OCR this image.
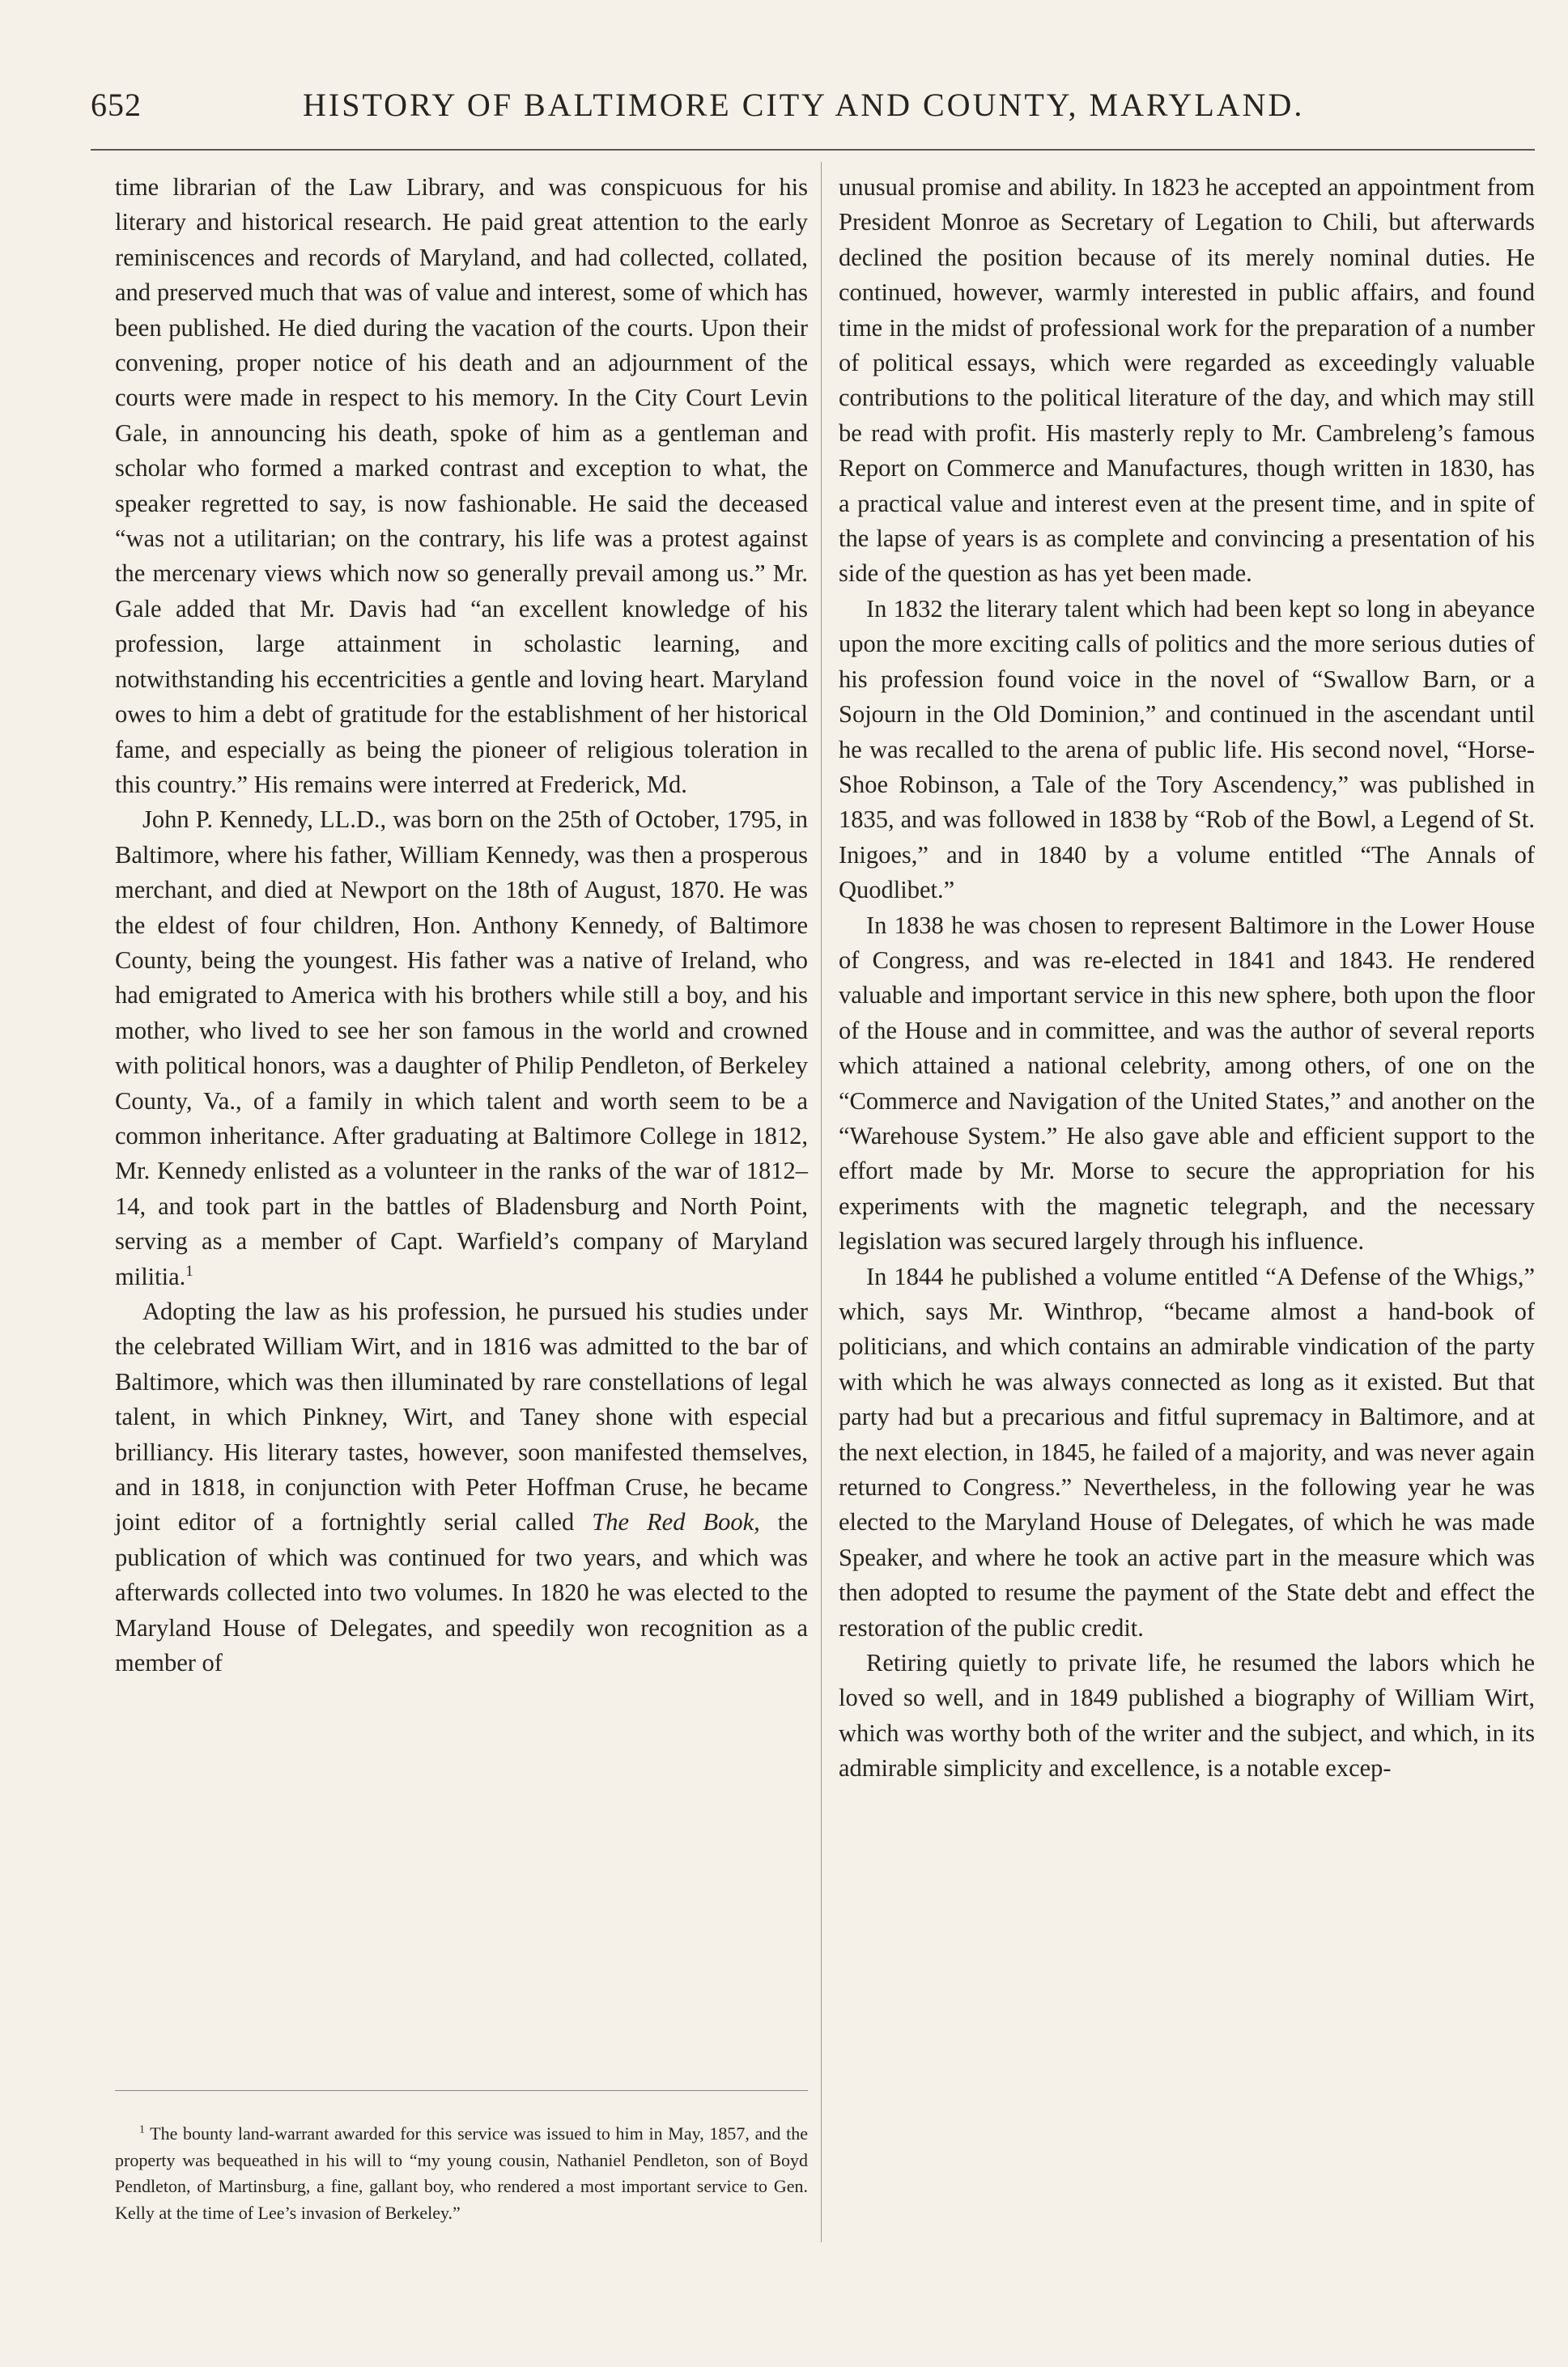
652	HISTORY OF BALTIMORE CITY AND COUNTY, MARYLAND.

time librarian of the Law Library, and was conspicuous for his literary and historical research. He paid great attention to the early reminiscences and records of Maryland, and had collected, collated, and preserved much that was of value and interest, some of which has been published. He died during the vacation of the courts. Upon their convening, proper notice of his death and an adjournment of the courts were made in respect to his memory. In the City Court Levin Gale, in announcing his death, spoke of him as a gentleman and scholar who formed a marked contrast and exception to what, the speaker regretted to say, is now fashionable. He said the deceased “was not a utilitarian; on the contrary, his life was a protest against the mercenary views which now so generally prevail among us.” Mr. Gale added that Mr. Davis had “an excellent knowledge of his profession, large attainment in scholastic learning, and notwithstanding his eccentricities a gentle and loving heart. Maryland owes to him a debt of gratitude for the establishment of her historical fame, and especially as being the pioneer of religious toleration in this country.” His remains were interred at Frederick, Md.

John P. Kennedy, LL.D., was born on the 25th of October, 1795, in Baltimore, where his father, William Kennedy, was then a prosperous merchant, and died at Newport on the 18th of August, 1870. He was the eldest of four children, Hon. Anthony Kennedy, of Baltimore County, being the youngest. His father was a native of Ireland, who had emigrated to America with his brothers while still a boy, and his mother, who lived to see her son famous in the world and crowned with political honors, was a daughter of Philip Pendleton, of Berkeley County, Va., of a family in which talent and worth seem to be a common inheritance. After graduating at Baltimore College in 1812, Mr. Kennedy enlisted as a volunteer in the ranks of the war of 1812–14, and took part in the battles of Bladensburg and North Point, serving as a member of Capt. Warfield’s company of Maryland militia.$^1$

Adopting the law as his profession, he pursued his studies under the celebrated William Wirt, and in 1816 was admitted to the bar of Baltimore, which was then illuminated by rare constellations of legal talent, in which Pinkney, Wirt, and Taney shone with especial brilliancy. His literary tastes, however, soon manifested themselves, and in 1818, in conjunction with Peter Hoffman Cruse, he became joint editor of a fortnightly serial called The Red Book, the publication of which was continued for two years, and which was afterwards collected into two volumes. In 1820 he was elected to the Maryland House of Delegates, and speedily won recognition as a member of

$^1$ The bounty land-warrant awarded for this service was issued to him in May, 1857, and the property was bequeathed in his will to “my young cousin, Nathaniel Pendleton, son of Boyd Pendleton, of Martinsburg, a fine, gallant boy, who rendered a most important service to Gen. Kelly at the time of Lee’s invasion of Berkeley.”

unusual promise and ability. In 1823 he accepted an appointment from President Monroe as Secretary of Legation to Chili, but afterwards declined the position because of its merely nominal duties. He continued, however, warmly interested in public affairs, and found time in the midst of professional work for the preparation of a number of political essays, which were regarded as exceedingly valuable contributions to the political literature of the day, and which may still be read with profit. His masterly reply to Mr. Cambreleng’s famous Report on Commerce and Manufactures, though written in 1830, has a practical value and interest even at the present time, and in spite of the lapse of years is as complete and convincing a presentation of his side of the question as has yet been made.

In 1832 the literary talent which had been kept so long in abeyance upon the more exciting calls of politics and the more serious duties of his profession found voice in the novel of “Swallow Barn, or a Sojourn in the Old Dominion,” and continued in the ascendant until he was recalled to the arena of public life. His second novel, “Horse-Shoe Robinson, a Tale of the Tory Ascendency,” was published in 1835, and was followed in 1838 by “Rob of the Bowl, a Legend of St. Inigoes,” and in 1840 by a volume entitled “The Annals of Quodlibet.”

In 1838 he was chosen to represent Baltimore in the Lower House of Congress, and was re-elected in 1841 and 1843. He rendered valuable and important service in this new sphere, both upon the floor of the House and in committee, and was the author of several reports which attained a national celebrity, among others, of one on the “Commerce and Navigation of the United States,” and another on the “Warehouse System.” He also gave able and efficient support to the effort made by Mr. Morse to secure the appropriation for his experiments with the magnetic telegraph, and the necessary legislation was secured largely through his influence.

In 1844 he published a volume entitled “A Defense of the Whigs,” which, says Mr. Winthrop, “became almost a hand-book of politicians, and which contains an admirable vindication of the party with which he was always connected as long as it existed. But that party had but a precarious and fitful supremacy in Baltimore, and at the next election, in 1845, he failed of a majority, and was never again returned to Congress.” Nevertheless, in the following year he was elected to the Maryland House of Delegates, of which he was made Speaker, and where he took an active part in the measure which was then adopted to resume the payment of the State debt and effect the restoration of the public credit.

Retiring quietly to private life, he resumed the labors which he loved so well, and in 1849 published a biography of William Wirt, which was worthy both of the writer and the subject, and which, in its admirable simplicity and excellence, is a notable excep-
